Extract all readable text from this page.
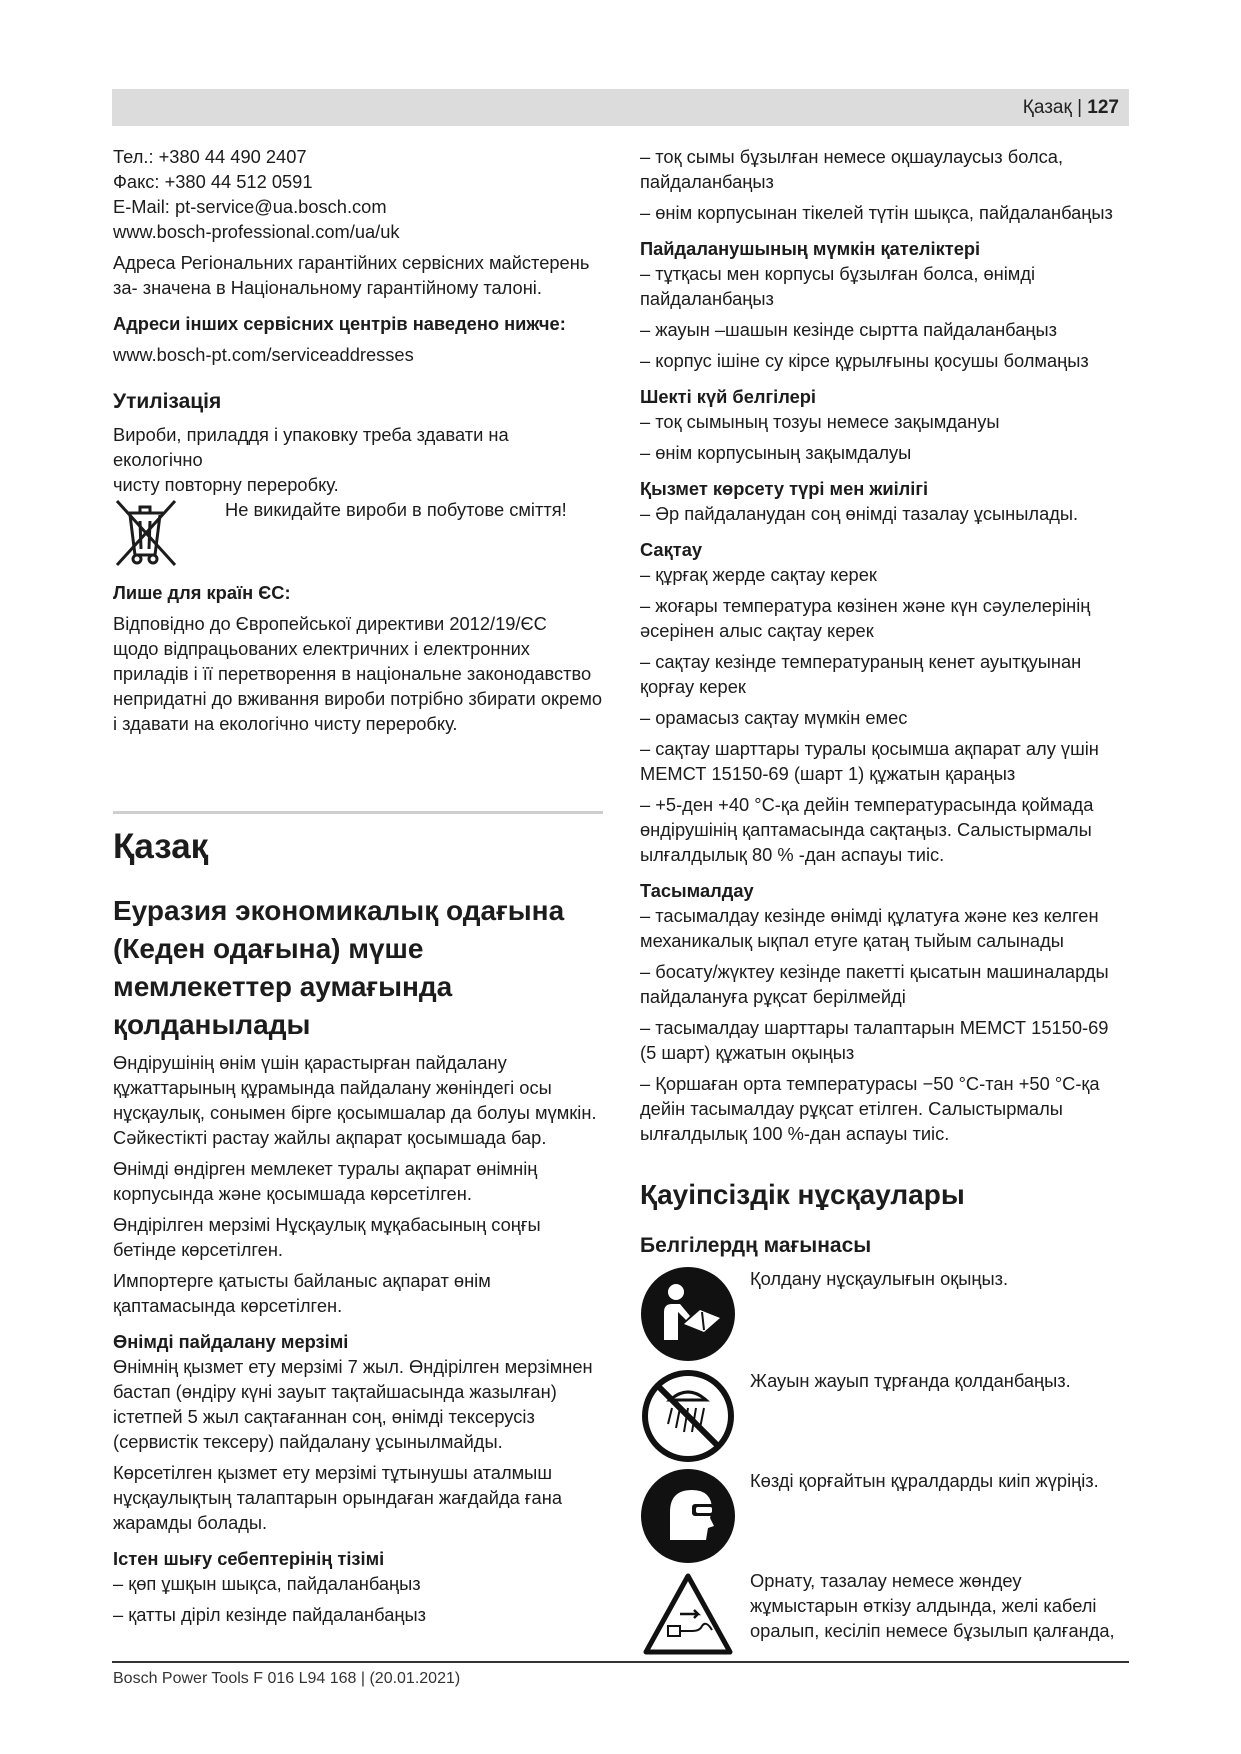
Қазақ | 127

Тел.: +380 44 490 2407

Факс: +380 44 512 0591

E-Mail: pt-service@ua.bosch.com

www.bosch-professional.com/ua/uk

Адреса Регіональних гарантійних сервісних майстерень

за- значена в Національному гарантійному талоні.

Адреси інших сервісних центрів наведено нижче:

www.bosch-pt.com/serviceaddresses

Утилізація

Вироби, приладдя і упаковку треба здавати на екологічно

чисту повторну переробку.

Не викидайте вироби в побутове сміття!

Лише для країн ЄС:

Відповідно до Європейської директиви 2012/19/ЄС

щодо відпрацьованих електричних і електронних

приладів і її перетворення в національне законодавство

непридатні до вживання вироби потрібно збирати окремо

і здавати на екологічно чисту переробку.

Қазақ

Еуразия экономикалық одағына

(Кеден одағына) мүше

мемлекеттер аумағында

қолданылады

Өндірушінің өнім үшін қарастырған пайдалану

құжаттарының құрамында пайдалану жөніндегі осы

нұсқаулық, сонымен бірге қосымшалар да болуы мүмкін.

Сәйкестікті растау жайлы ақпарат қосымшада бар.

Өнімді өндірген мемлекет туралы ақпарат өнімнің

корпусында және қосымшада көрсетілген.

Өндірілген мерзімі Нұсқаулық мұқабасының соңғы

бетінде көрсетілген.

Импортерге қатысты байланыс ақпарат өнім

қаптамасында көрсетілген.

Өнімді пайдалану мерзімі

Өнімнің қызмет ету мерзімі 7 жыл. Өндірілген мерзімнен

бастап (өндіру күні зауыт тақтайшасында жазылған)

істетпей 5 жыл сақтағаннан соң, өнімді тексерусіз

(сервистік тексеру) пайдалану ұсынылмайды.

Көрсетілген қызмет ету мерзімі тұтынушы аталмыш

нұсқаулықтың талаптарын орындаған жағдайда ғана

жарамды болады.

Істен шығу себептерінің тізімі

– қөп ұшқын шықса, пайдаланбаңыз

– қатты діріл кезінде пайдаланбаңыз

– тоқ сымы бұзылған немесе оқшаулаусыз болса,

пайдаланбаңыз

– өнім корпусынан тікелей түтін шықса, пайдаланбаңыз

Пайдаланушының мүмкін қателіктері

– тұтқасы мен корпусы бұзылған болса, өнімді

пайдаланбаңыз

– жауын –шашын кезінде сыртта пайдаланбаңыз

– корпус ішіне су кірсе құрылғыны қосушы болмаңыз

Шекті күй белгілері

– тоқ сымының тозуы немесе зақымдануы

– өнім корпусының зақымдалуы

Қызмет көрсету түрі мен жиілігі

– Әр пайдаланудан соң өнімді тазалау ұсынылады.

Сақтау

– құрғақ жерде сақтау керек

– жоғары температура көзінен және күн сәулелерінің

әсерінен алыс сақтау керек

– сақтау кезінде температураның кенет ауытқуынан

қорғау керек

– орамасыз сақтау мүмкін емес

– сақтау шарттары туралы қосымша ақпарат алу үшін

МЕМСТ 15150-69 (шарт 1) құжатын қараңыз

– +5-ден +40 °C-қа дейін температурасында қоймада

өндірушінің қаптамасында сақтаңыз. Салыстырмалы

ылғалдылық 80 % -дан аспауы тиіс.

Тасымалдау

– тасымалдау кезінде өнімді құлатуға және кез келген

механикалық ықпал етуге қатаң тыйым салынады

– босату/жүктеу кезінде пакетті қысатын машиналарды

пайдалануға рұқсат берілмейді

– тасымалдау шарттары талаптарын МЕМСТ 15150-69

(5 шарт) құжатын оқыңыз

– Қоршаған орта температурасы −50 °C-тан +50 °C-қа

дейін тасымалдау рұқсат етілген. Салыстырмалы

ылғалдылық 100 %-дан аспауы тиіс.

Қауіпсіздік нұсқаулары

Белгілердң мағынасы

Қолдану нұсқаулығын оқыңыз.

Жауын жауып тұрғанда қолданбаңыз.

Көзді қорғайтын құралдарды киіп жүріңіз.

Орнату, тазалау немесе жөндеу

жұмыстарын өткізу алдында, желі кабелі

оралып, кесіліп немесе бұзылып қалғанда,

Bosch Power Tools F 016 L94 168 | (20.01.2021)
